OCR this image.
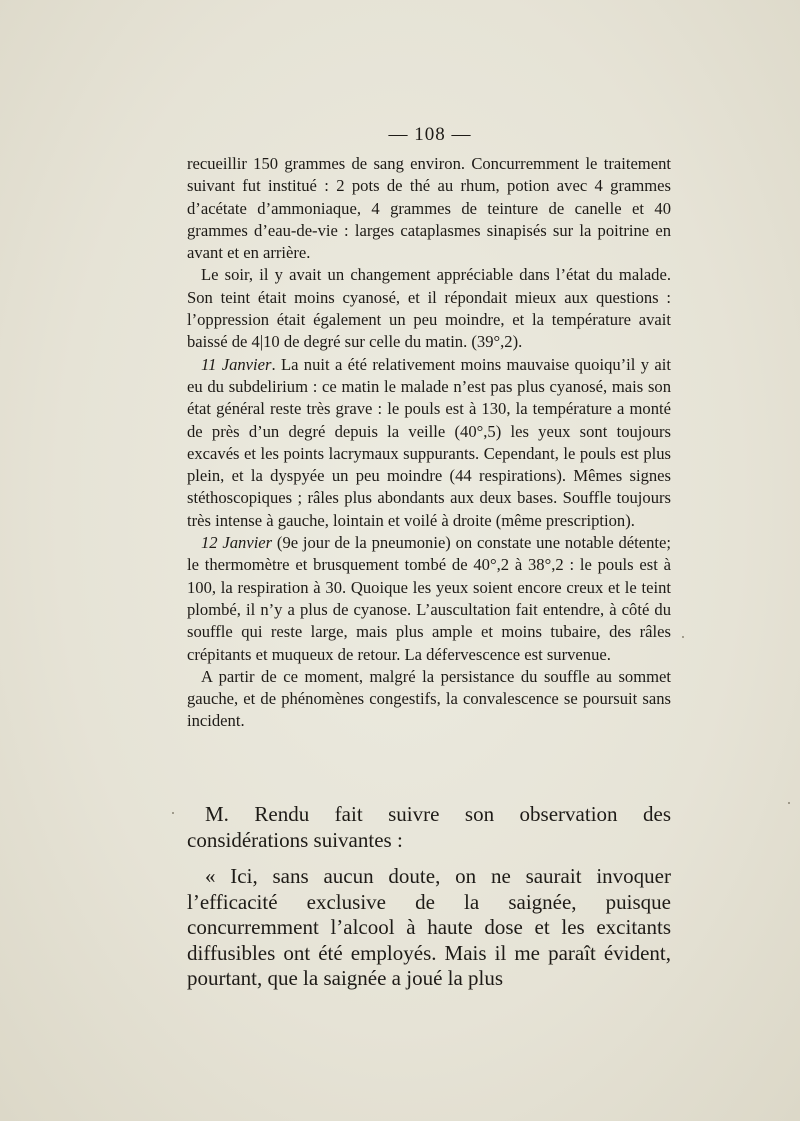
— 108 —

recueillir 150 grammes de sang environ. Concurremment le traitement suivant fut institué : 2 pots de thé au rhum, potion avec 4 grammes d’acétate d’ammoniaque, 4 grammes de teinture de canelle et 40 grammes d’eau-de-vie : larges cataplasmes sinapisés sur la poitrine en avant et en arrière.

Le soir, il y avait un changement appréciable dans l’état du malade. Son teint était moins cyanosé, et il répondait mieux aux questions : l’oppression était également un peu moindre, et la température avait baissé de 4|10 de degré sur celle du matin. (39°,2).

11 Janvier. La nuit a été relativement moins mauvaise quoiqu’il y ait eu du subdelirium : ce matin le malade n’est pas plus cyanosé, mais son état général reste très grave : le pouls est à 130, la température a monté de près d’un degré depuis la veille (40°,5) les yeux sont toujours excavés et les points lacrymaux suppurants. Cependant, le pouls est plus plein, et la dyspyée un peu moindre (44 respirations). Mêmes signes stéthoscopiques ; râles plus abondants aux deux bases. Souffle toujours très intense à gauche, lointain et voilé à droite (même prescription).

12 Janvier (9e jour de la pneumonie) on constate une notable détente; le thermomètre et brusquement tombé de 40°,2 à 38°,2 : le pouls est à 100, la respiration à 30. Quoique les yeux soient encore creux et le teint plombé, il n’y a plus de cyanose. L’auscultation fait entendre, à côté du souffle qui reste large, mais plus ample et moins tubaire, des râles crépitants et muqueux de retour. La défervescence est survenue.

A partir de ce moment, malgré la persistance du souffle au sommet gauche, et de phénomènes congestifs, la convalescence se poursuit sans incident.

M. Rendu fait suivre son observation des considérations suivantes :

« Ici, sans aucun doute, on ne saurait invoquer l’efficacité exclusive de la saignée, puisque concurremment l’alcool à haute dose et les excitants diffusibles ont été employés. Mais il me paraît évident, pourtant, que la saignée a joué la plus
